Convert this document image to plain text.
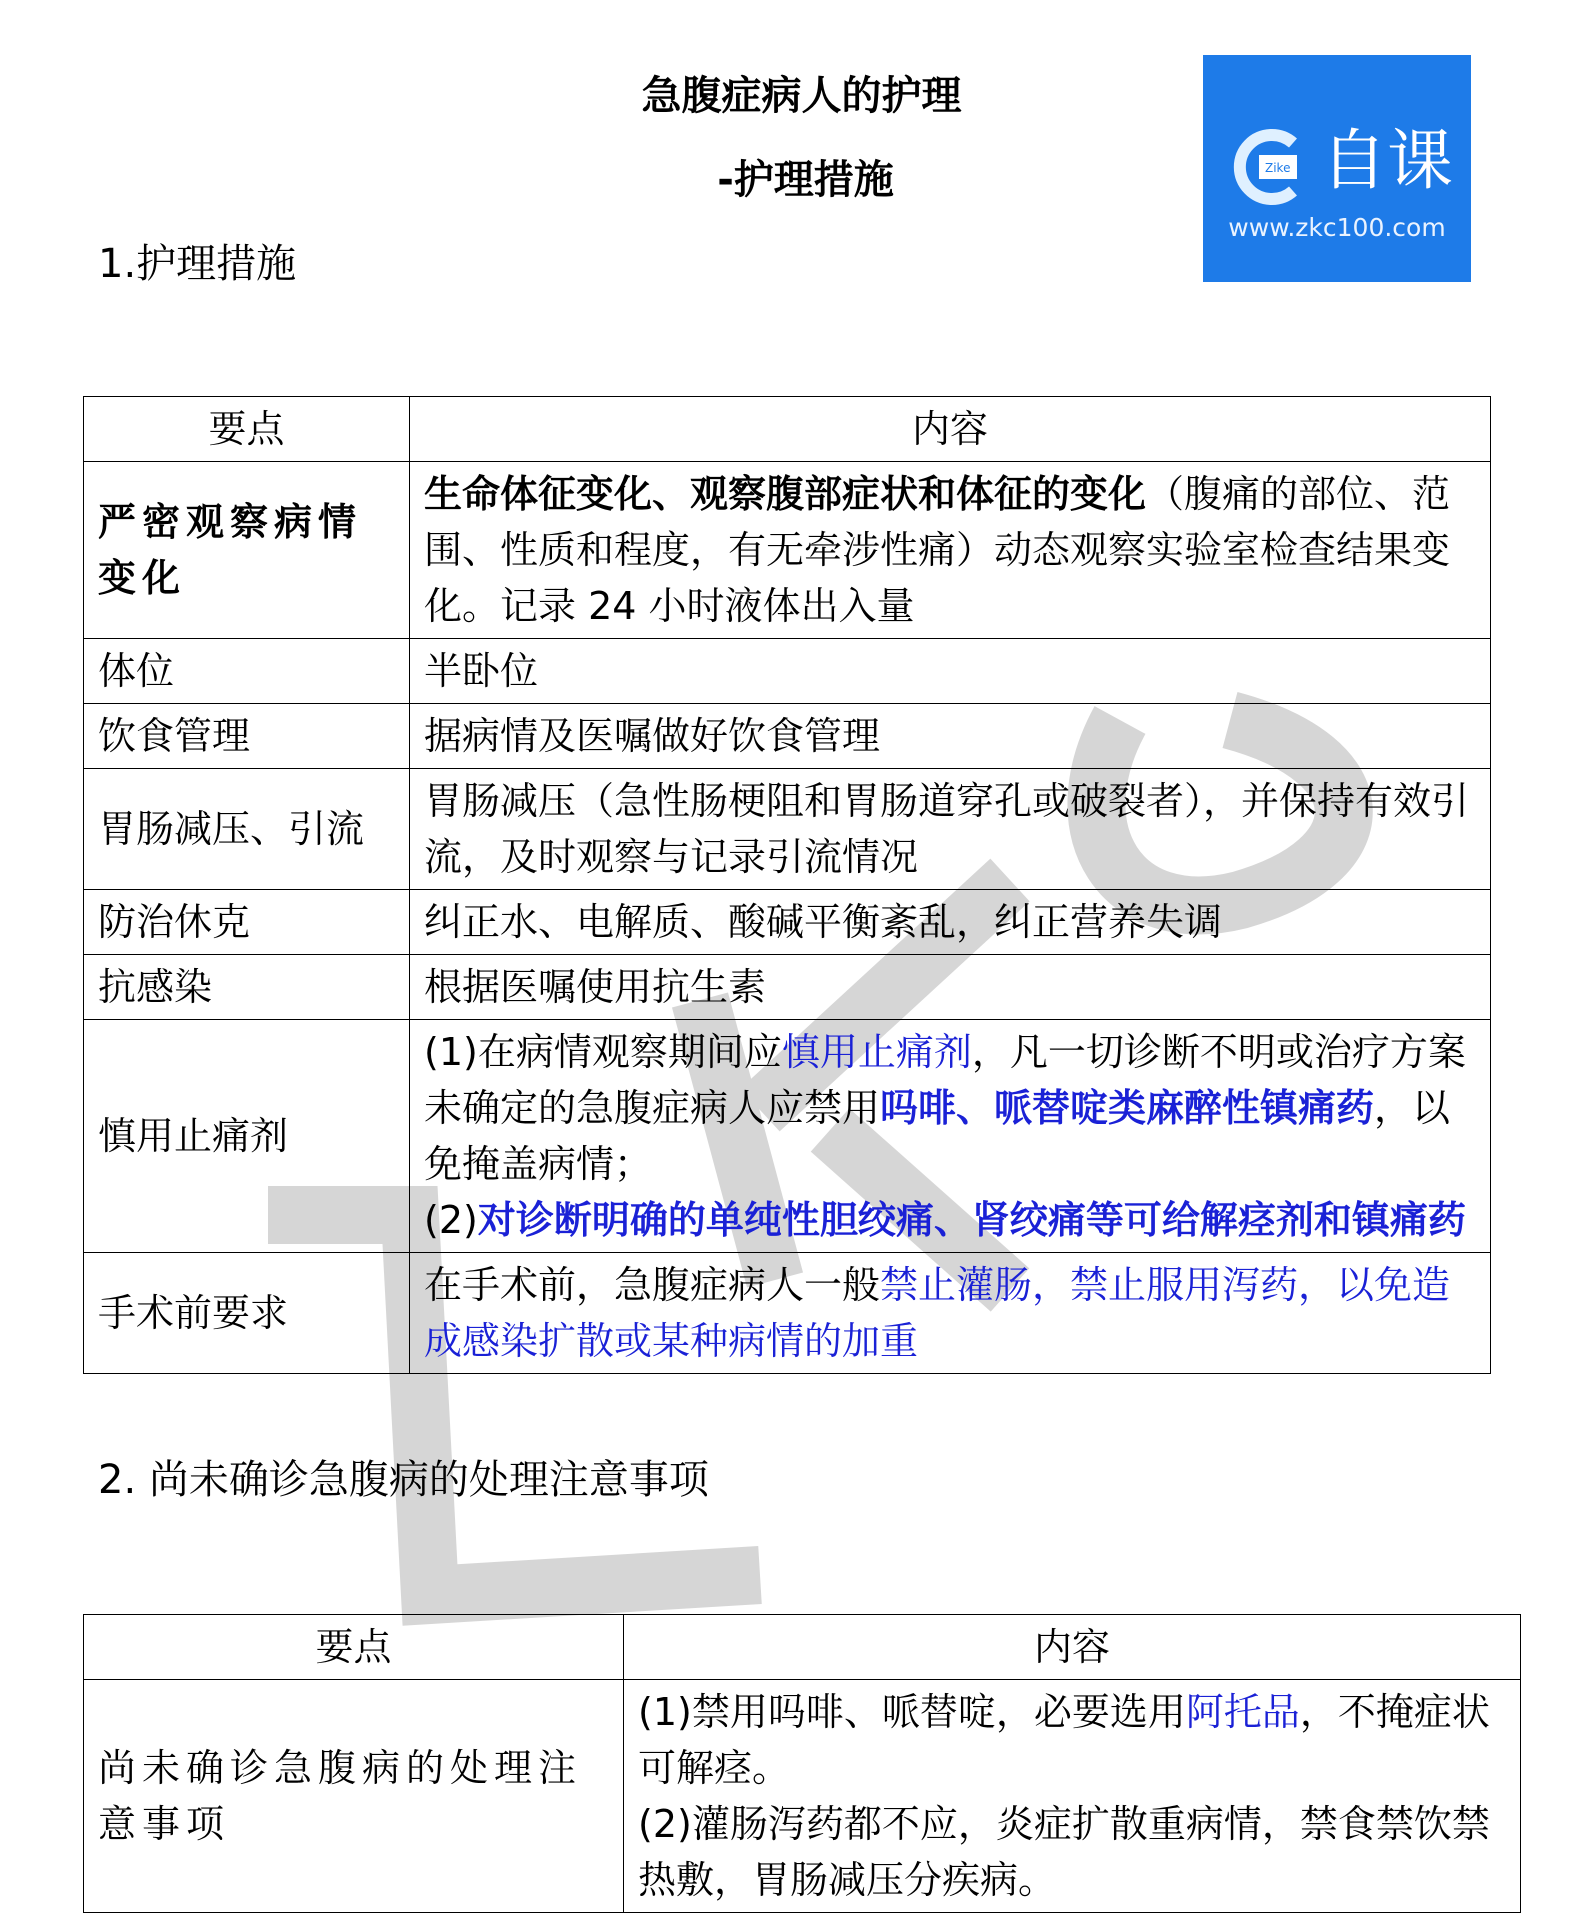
急腹症病人的护理
-护理措施
1.护理措施
Zike 自课
www.zkc100.com
要点	内容
严密观察病情变化	生命体征变化、观察腹部症状和体征的变化（腹痛的部位、范围、性质和程度，有无牵涉性痛）动态观察实验室检查结果变化。记录 24 小时液体出入量
体位	半卧位
饮食管理	据病情及医嘱做好饮食管理
胃肠减压、引流	胃肠减压（急性肠梗阻和胃肠道穿孔或破裂者），并保持有效引流，及时观察与记录引流情况
防治休克	纠正水、电解质、酸碱平衡紊乱，纠正营养失调
抗感染	根据医嘱使用抗生素
慎用止痛剂	(1)在病情观察期间应慎用止痛剂，凡一切诊断不明或治疗方案未确定的急腹症病人应禁用吗啡、哌替啶类麻醉性镇痛药，以免掩盖病情；
(2)对诊断明确的单纯性胆绞痛、肾绞痛等可给解痉剂和镇痛药
手术前要求	在手术前，急腹症病人一般禁止灌肠，禁止服用泻药，以免造成感染扩散或某种病情的加重
2. 尚未确诊急腹病的处理注意事项
要点	内容
尚未确诊急腹病的处理注意事项	(1)禁用吗啡、哌替啶，必要选用阿托品，不掩症状可解痉。
(2)灌肠泻药都不应，炎症扩散重病情，禁食禁饮禁热敷，胃肠减压分疾病。
